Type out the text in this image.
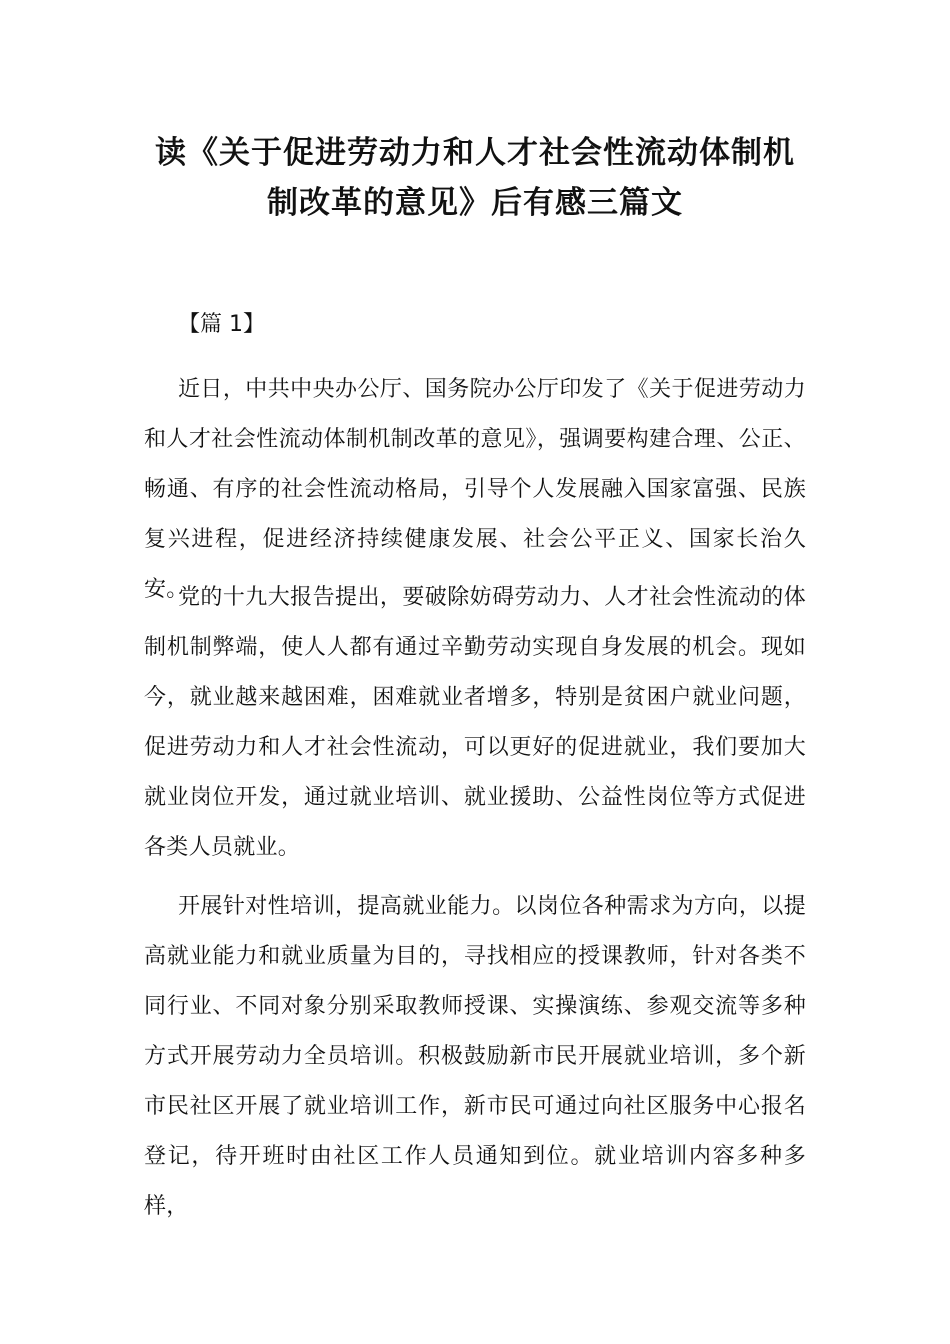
读《关于促进劳动力和人才社会性流动体制机制改革的意见》后有感三篇文
【篇 1】

近日，中共中央办公厅、国务院办公厅印发了《关于促进劳动力和人才社会性流动体制机制改革的意见》，强调要构建合理、公正、畅通、有序的社会性流动格局，引导个人发展融入国家富强、民族复兴进程，促进经济持续健康发展、社会公平正义、国家长治久安。

党的十九大报告提出，要破除妨碍劳动力、人才社会性流动的体制机制弊端，使人人都有通过辛勤劳动实现自身发展的机会。现如今，就业越来越困难，困难就业者增多，特别是贫困户就业问题，促进劳动力和人才社会性流动，可以更好的促进就业，我们要加大就业岗位开发，通过就业培训、就业援助、公益性岗位等方式促进各类人员就业。

开展针对性培训，提高就业能力。以岗位各种需求为方向，以提高就业能力和就业质量为目的，寻找相应的授课教师，针对各类不同行业、不同对象分别采取教师授课、实操演练、参观交流等多种方式开展劳动力全员培训。积极鼓励新市民开展就业培训，多个新市民社区开展了就业培训工作，新市民可通过向社区服务中心报名登记，待开班时由社区工作人员通知到位。就业培训内容多种多样，
